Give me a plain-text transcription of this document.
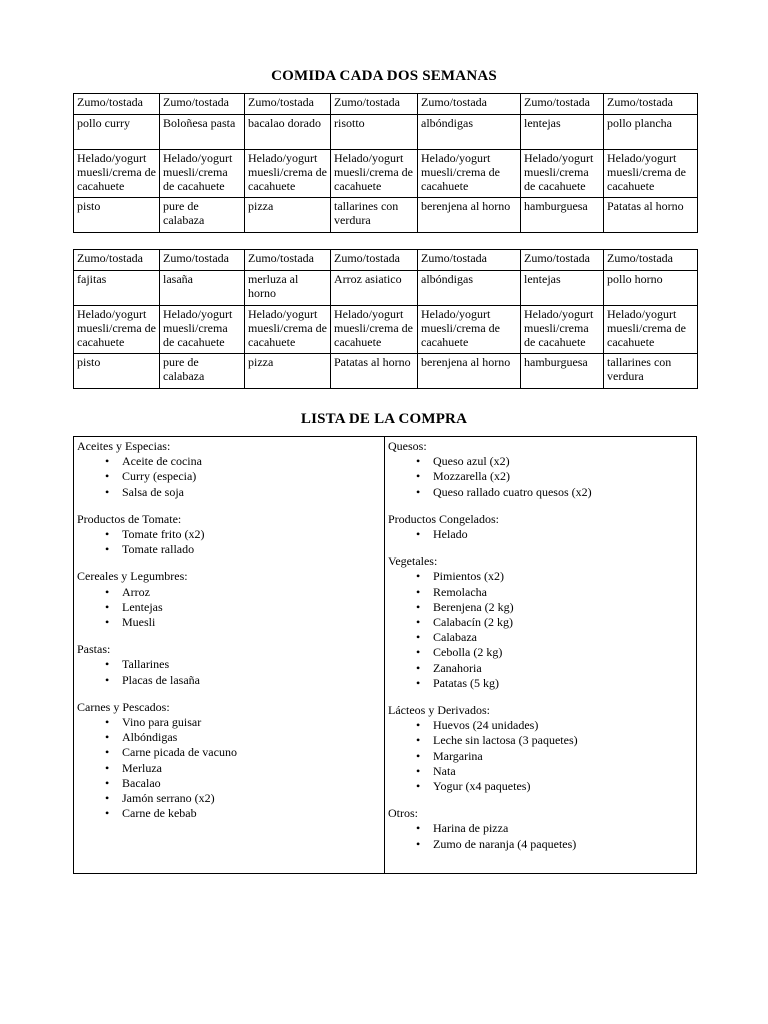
COMIDA CADA DOS SEMANAS
Zumo/tostada	Zumo/tostada	Zumo/tostada	Zumo/tostada	Zumo/tostada	Zumo/tostada	Zumo/tostada
pollo curry	Boloñesa pasta	bacalao dorado	risotto	albóndigas	lentejas	pollo plancha
Helado/yogurt muesli/crema de cacahuete	Helado/yogurt muesli/crema de cacahuete	Helado/yogurt muesli/crema de cacahuete	Helado/yogurt muesli/crema de cacahuete	Helado/yogurt muesli/crema de cacahuete	Helado/yogurt muesli/crema de cacahuete	Helado/yogurt muesli/crema de cacahuete
pisto	pure de calabaza	pizza	tallarines con verdura	berenjena al horno	hamburguesa	Patatas al horno
Zumo/tostada	Zumo/tostada	Zumo/tostada	Zumo/tostada	Zumo/tostada	Zumo/tostada	Zumo/tostada
fajitas	lasaña	merluza al horno	Arroz asiatico	albóndigas	lentejas	pollo horno
Helado/yogurt muesli/crema de cacahuete	Helado/yogurt muesli/crema de cacahuete	Helado/yogurt muesli/crema de cacahuete	Helado/yogurt muesli/crema de cacahuete	Helado/yogurt muesli/crema de cacahuete	Helado/yogurt muesli/crema de cacahuete	Helado/yogurt muesli/crema de cacahuete
pisto	pure de calabaza	pizza	Patatas al horno	berenjena al horno	hamburguesa	tallarines con verdura
LISTA DE LA COMPRA
Aceites y Especias:
• Aceite de cocina
• Curry (especia)
• Salsa de soja
Productos de Tomate:
• Tomate frito (x2)
• Tomate rallado
Cereales y Legumbres:
• Arroz
• Lentejas
• Muesli
Pastas:
• Tallarines
• Placas de lasaña
Carnes y Pescados:
• Vino para guisar
• Albóndigas
• Carne picada de vacuno
• Merluza
• Bacalao
• Jamón serrano (x2)
• Carne de kebab
Quesos:
• Queso azul (x2)
• Mozzarella (x2)
• Queso rallado cuatro quesos (x2)
Productos Congelados:
• Helado
Vegetales:
• Pimientos (x2)
• Remolacha
• Berenjena (2 kg)
• Calabacín (2 kg)
• Calabaza
• Cebolla (2 kg)
• Zanahoria
• Patatas (5 kg)
Lácteos y Derivados:
• Huevos (24 unidades)
• Leche sin lactosa (3 paquetes)
• Margarina
• Nata
• Yogur (x4 paquetes)
Otros:
• Harina de pizza
• Zumo de naranja (4 paquetes)
